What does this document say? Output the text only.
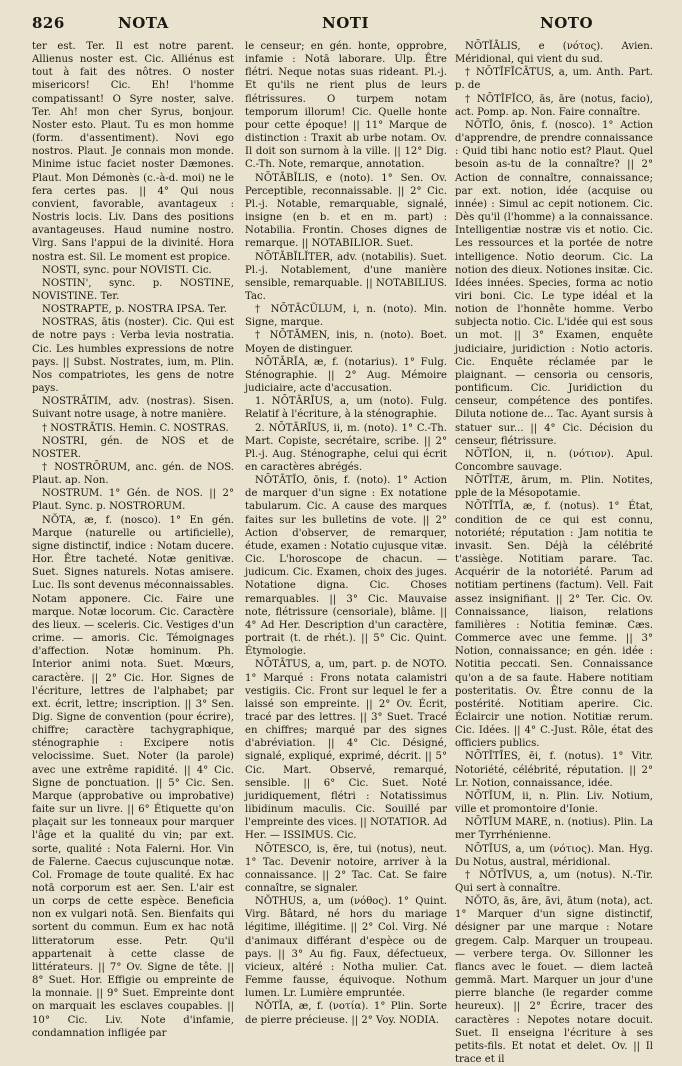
826	NOTA	NOTI	NOTO

ter est. Ter. Il est notre parent. Allienus noster est. Cic. Alliénus est tout à fait des nôtres. O noster misericors! Cic. Eh! l'homme compatissant! O Syre noster, salve. Ter. Ah! mon cher Syrus, bonjour. Noster esto. Plaut. Tu es mon homme (form. d'assentiment). Novi ego nostros. Plaut. Je connais mon monde. Minime istuc faciet noster Dæmones. Plaut. Mon Démonès (c.-à-d. moi) ne le fera certes pas. || 4° Qui nous convient, favorable, avantageux : Nostris locis. Liv. Dans des positions avantageuses. Haud numine nostro. Virg. Sans l'appui de la divinité. Hora nostra est. Sil. Le moment est propice.

NOSTI, sync. pour NOVISTI. Cic.

NOSTIN', sync. p. NOSTINE, NOVISTINE. Ter.

NOSTRAPTE, p. NOSTRA IPSA. Ter.

NOSTRAS, ātis (noster). Cic. Qui est de notre pays : Verba levia nostratia. Cic. Les humbles expressions de notre pays. || Subst. Nostrates, ium, m. Plin. Nos compatriotes, les gens de notre pays.

NOSTRĀTIM, adv. (nostras). Sisen. Suivant notre usage, à notre manière.

† NOSTRĀTIS. Hemin. C. NOSTRAS.

NOSTRI, gén. de NOS et de NOSTER.

† NOSTRŌRUM, anc. gén. de NOS. Plaut. ap. Non.

NOSTRUM. 1° Gén. de NOS. || 2° Plaut. Sync. p. NOSTRORUM.

NŎTA, æ, f. (nosco). 1° En gén. Marque (naturelle ou artificielle), signe distinctif, indice : Notam ducere. Hor. Être tacheté. Notæ genitivæ. Suet. Signes naturels. Notas amisere. Luc. Ils sont devenus méconnaissables. Notam apponere. Cic. Faire une marque. Notæ locorum. Cic. Caractère des lieux. — sceleris. Cic. Vestiges d'un crime. — amoris. Cic. Témoignages d'affection. Notæ hominum. Ph. Interior animi nota. Suet. Mœurs, caractère. || 2° Cic. Hor. Signes de l'écriture, lettres de l'alphabet; par ext. écrit, lettre; inscription. || 3° Sen. Dig. Signe de convention (pour écrire), chiffre; caractère tachygraphique, sténographie : Excipere notis velocissime. Suet. Noter (la parole) avec une extrême rapidité. || 4° Cic. Signe de ponctuation. || 5° Cic. Sen. Marque (approbative ou improbative) faite sur un livre. || 6° Étiquette qu'on plaçait sur les tonneaux pour marquer l'âge et la qualité du vin; par ext. sorte, qualité : Nota Falerni. Hor. Vin de Falerne. Caecus cujuscunque notæ. Col. Fromage de toute qualité. Ex hac notā corporum est aer. Sen. L'air est un corps de cette espèce. Beneficia non ex vulgari notā. Sen. Bienfaits qui sortent du commun. Eum ex hac notā litteratorum esse. Petr. Qu'il appartenait à cette classe de littérateurs. || 7° Ov. Signe de tête. || 8° Suet. Hor. Effigie ou empreinte de la monnaie. || 9° Suet. Empreinte dont on marquait les esclaves coupables. || 10° Cic. Liv. Note d'infamie, condamnation infligée par

le censeur; en gén. honte, opprobre, infamie : Notā laborare. Ulp. Être flétri. Neque notas suas rideant. Pl.-j. Et qu'ils ne rient plus de leurs flétrissures. O turpem notam temporum illorum! Cic. Quelle honte pour cette époque! || 11° Marque de distinction : Traxit ab urbe notam. Ov. Il doit son surnom à la ville. || 12° Dig. C.-Th. Note, remarque, annotation.

NŌTĀBĬLIS, e (noto). 1° Sen. Ov. Perceptible, reconnaissable. || 2° Cic. Pl.-j. Notable, remarquable, signalé, insigne (en b. et en m. part) : Notabilia. Frontin. Choses dignes de remarque. || NOTABILIOR. Suet.

NŌTĀBĬLĬTER, adv. (notabilis). Suet. Pl.-j. Notablement, d'une manière sensible, remarquable. || NOTABILIUS. Tac.

† NŌTĀCŬLUM, i, n. (noto). Min. Signe, marque.

† NŌTĀMEN, inis, n. (noto). Boet. Moyen de distinguer.

NŌTĀRĬA, æ, f. (notarius). 1° Fulg. Sténographie. || 2° Aug. Mémoire judiciaire, acte d'accusation.

1. NŌTĀRĬUS, a, um (noto). Fulg. Relatif à l'écriture, à la sténographie.

2. NŌTĀRĬUS, ii, m. (noto). 1° C.-Th. Mart. Copiste, secrétaire, scribe. || 2° Pl.-j. Aug. Sténographe, celui qui écrit en caractères abrégés.

NŌTĀTĬO, ōnis, f. (noto). 1° Action de marquer d'un signe : Ex notatione tabularum. Cic. A cause des marques faites sur les bulletins de vote. || 2° Action d'observer, de remarquer, étude, examen : Notatio cujusque vitæ. Cic. L'horoscope de chacun. — judicum. Cic. Examen, choix des juges. Notatione digna. Cic. Choses remarquables. || 3° Cic. Mauvaise note, flétrissure (censoriale), blâme. || 4° Ad Her. Description d'un caractère, portrait (t. de rhét.). || 5° Cic. Quint. Étymologie.

NŌTĀTUS, a, um, part. p. de NOTO. 1° Marqué : Frons notata calamistri vestigiis. Cic. Front sur lequel le fer a laissé son empreinte. || 2° Ov. Écrit, tracé par des lettres. || 3° Suet. Tracé en chiffres; marqué par des signes d'abréviation. || 4° Cic. Désigné, signalé, expliqué, exprimé, décrit. || 5° Cic. Mart. Observé, remarqué, sensible. || 6° Cic. Suet. Noté juridiquement, flétri : Notatissimus libidinum maculis. Cic. Souillé par l'empreinte des vices. || NOTATIOR. Ad Her. — ISSIMUS. Cic.

NŌTESCO, is, ēre, tui (notus), neut. 1° Tac. Devenir notoire, arriver à la connaissance. || 2° Tac. Cat. Se faire connaître, se signaler.

NŎTHUS, a, um (νόθος). 1° Quint. Virg. Bâtard, né hors du mariage légitime, illégitime. || 2° Col. Virg. Né d'animaux différant d'espèce ou de pays. || 3° Au fig. Faux, défectueux, vicieux, altéré : Notha mulier. Cat. Femme fausse, équivoque. Nothum lumen. Lr. Lumière empruntée.

NŎTĬA, æ, f. (νοτία). 1° Plin. Sorte de pierre précieuse. || 2° Voy. NODIA.

NŌTĬĀLIS, e (νότος). Avien. Méridional, qui vient du sud.

† NŌTĬFĬCĀTUS, a, um. Anth. Part. p. de

† NŌTĬFĬCO, ās, āre (notus, facio), act. Pomp. ap. Non. Faire connaître.

NŌTĬO, ōnis, f. (nosco). 1° Action d'apprendre, de prendre connaissance : Quid tibi hanc notio est? Plaut. Quel besoin as-tu de la connaître? || 2° Action de connaître, connaissance; par ext. notion, idée (acquise ou innée) : Simul ac cepit notionem. Cic. Dès qu'il (l'homme) a la connaissance. Intelligentiæ nostræ vis et notio. Cic. Les ressources et la portée de notre intelligence. Notio deorum. Cic. La notion des dieux. Notiones insitæ. Cic. Idées innées. Species, forma ac notio viri boni. Cic. Le type idéal et la notion de l'honnête homme. Verbo subjecta notio. Cic. L'idée qui est sous un mot. || 3° Examen, enquête judiciaire, juridiction : Notio actoris. Cic. Enquête réclamée par le plaignant. — censoria ou censoris, pontificum. Cic. Juridiction du censeur, compétence des pontifes. Diluta notione de... Tac. Ayant sursis à statuer sur... || 4° Cic. Décision du censeur, flétrissure.

NŌTĬON, ii, n. (νότιον). Apul. Concombre sauvage.

NŌTĬTÆ, ārum, m. Plin. Notites, pple de la Mésopotamie.

NŌTĬTĬA, æ, f. (notus). 1° État, condition de ce qui est connu, notoriété; réputation : Jam notitia te invasit. Sen. Déjà la célébrité t'assiège. Notitiam parare. Tac. Acquérir de la notoriété. Parum ad notitiam pertinens (factum). Vell. Fait assez insignifiant. || 2° Ter. Cic. Ov. Connaissance, liaison, relations familières : Notitia feminæ. Cæs. Commerce avec une femme. || 3° Notion, connaissance; en gén. idée : Notitia peccati. Sen. Connaissance qu'on a de sa faute. Habere notitiam posteritatis. Ov. Être connu de la postérité. Notitiam aperire. Cic. Éclaircir une notion. Notitiæ rerum. Cic. Idées. || 4° C.-Just. Rôle, état des officiers publics.

NŌTĬTĬES, ēi, f. (notus). 1° Vitr. Notoriété, célébrité, réputation. || 2° Lr. Notion, connaissance, idée.

NŌTĬUM, ii, n. Plin. Liv. Notium, ville et promontoire d'Ionie.

NŌTĬUM MARE, n. (notius). Plin. La mer Tyrrhénienne.

NŌTĬUS, a, um (νότιος). Man. Hyg. Du Notus, austral, méridional.

† NŌTĬVUS, a, um (notus). N.-Tir. Qui sert à connaître.

NŎTO, ās, āre, āvi, ātum (nota), act. 1° Marquer d'un signe distinctif, désigner par une marque : Notare gregem. Calp. Marquer un troupeau. — verbere terga. Ov. Sillonner les flancs avec le fouet. — diem lacteā gemmā. Mart. Marquer un jour d'une pierre blanche (le regarder comme heureux). || 2° Écrire, tracer des caractères : Nepotes notare docuit. Suet. Il enseigna l'écriture à ses petits-fils. Et notat et delet. Ov. || Il trace et il
